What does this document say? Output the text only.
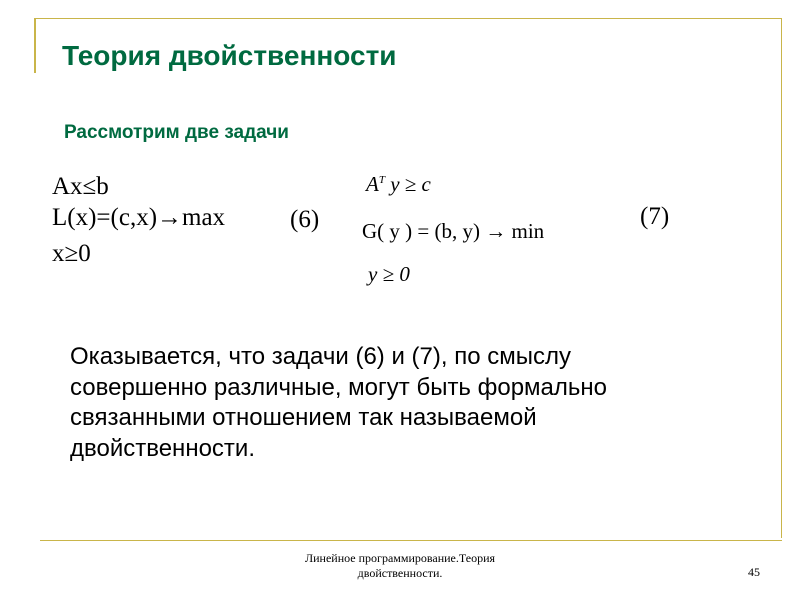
Теория двойственности
Рассмотрим две задачи
Ax≤b
L(x)=(c,x)→max
x≥0
(6)
$A^T$ y ≥ c
G( y ) = (b, y) → min
y ≥ 0
(7)
Оказывается, что задачи (6) и (7), по смыслу
совершенно различные, могут быть формально
связанными отношением так называемой
двойственности.
Линейное программирование.Теория
двойственности.	45
